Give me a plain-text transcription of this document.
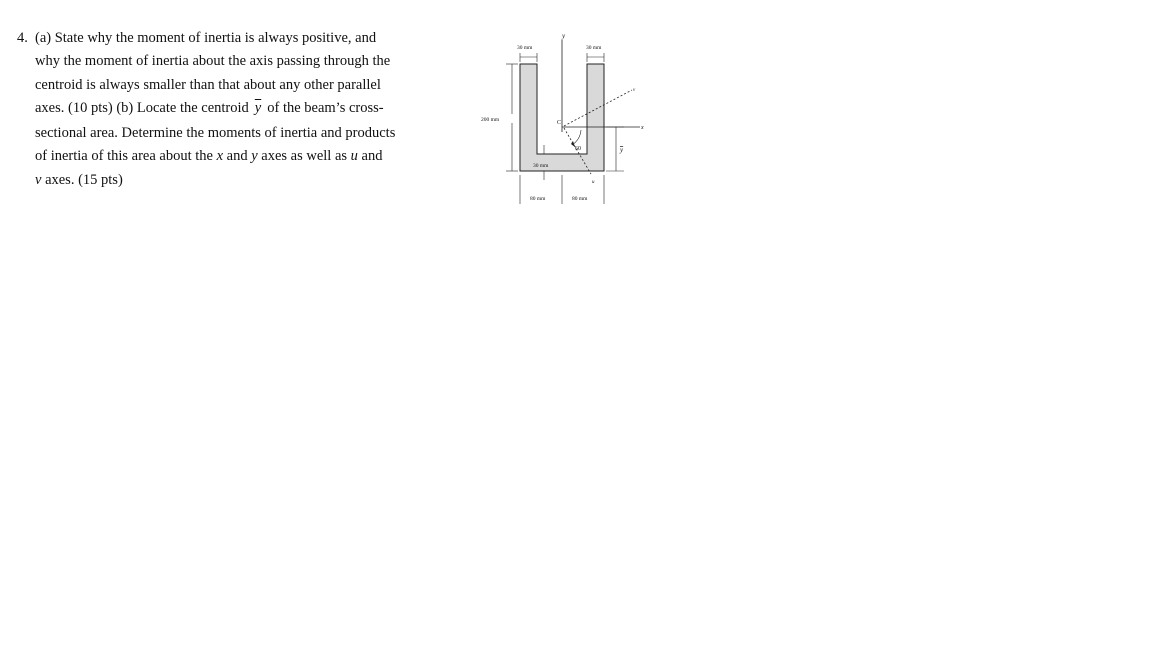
4. (a) State why the moment of inertia is always positive, and
why the moment of inertia about the axis passing through the
centroid is always smaller than that about any other parallel
axes. (10 pts) (b) Locate the centroid $\overline{y}$ of the beam’s cross-
sectional area. Determine the moments of inertia and products
of inertia of this area about the x and y axes as well as u and
v axes. (15 pts)
y
x
v
u
C
60
30 mm	30 mm
200 mm
30 mm
y
80 mm	80 mm
